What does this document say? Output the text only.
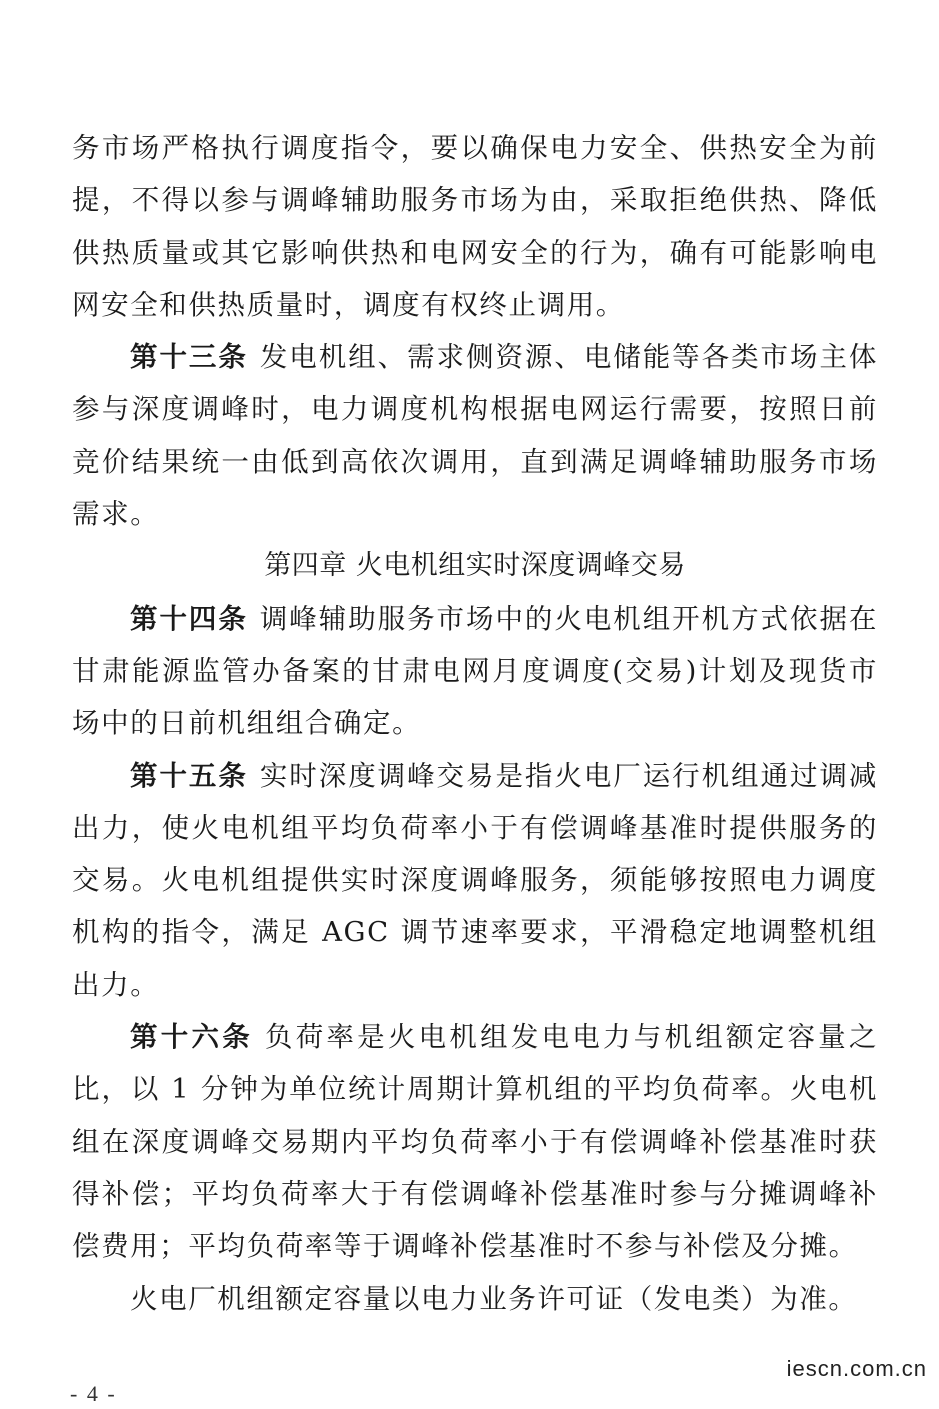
务市场严格执行调度指令，要以确保电力安全、供热安全为前提，不得以参与调峰辅助服务市场为由，采取拒绝供热、降低供热质量或其它影响供热和电网安全的行为，确有可能影响电网安全和供热质量时，调度有权终止调用。

第十三条 发电机组、需求侧资源、电储能等各类市场主体参与深度调峰时，电力调度机构根据电网运行需要，按照日前竞价结果统一由低到高依次调用，直到满足调峰辅助服务市场需求。

第四章 火电机组实时深度调峰交易

第十四条 调峰辅助服务市场中的火电机组开机方式依据在甘肃能源监管办备案的甘肃电网月度调度(交易)计划及现货市场中的日前机组组合确定。

第十五条 实时深度调峰交易是指火电厂运行机组通过调减出力，使火电机组平均负荷率小于有偿调峰基准时提供服务的交易。火电机组提供实时深度调峰服务，须能够按照电力调度机构的指令，满足 AGC 调节速率要求，平滑稳定地调整机组出力。

第十六条 负荷率是火电机组发电电力与机组额定容量之比，以 1 分钟为单位统计周期计算机组的平均负荷率。火电机组在深度调峰交易期内平均负荷率小于有偿调峰补偿基准时获得补偿；平均负荷率大于有偿调峰补偿基准时参与分摊调峰补偿费用；平均负荷率等于调峰补偿基准时不参与补偿及分摊。

火电厂机组额定容量以电力业务许可证（发电类）为准。

iescn.com.cn
- 4 -
